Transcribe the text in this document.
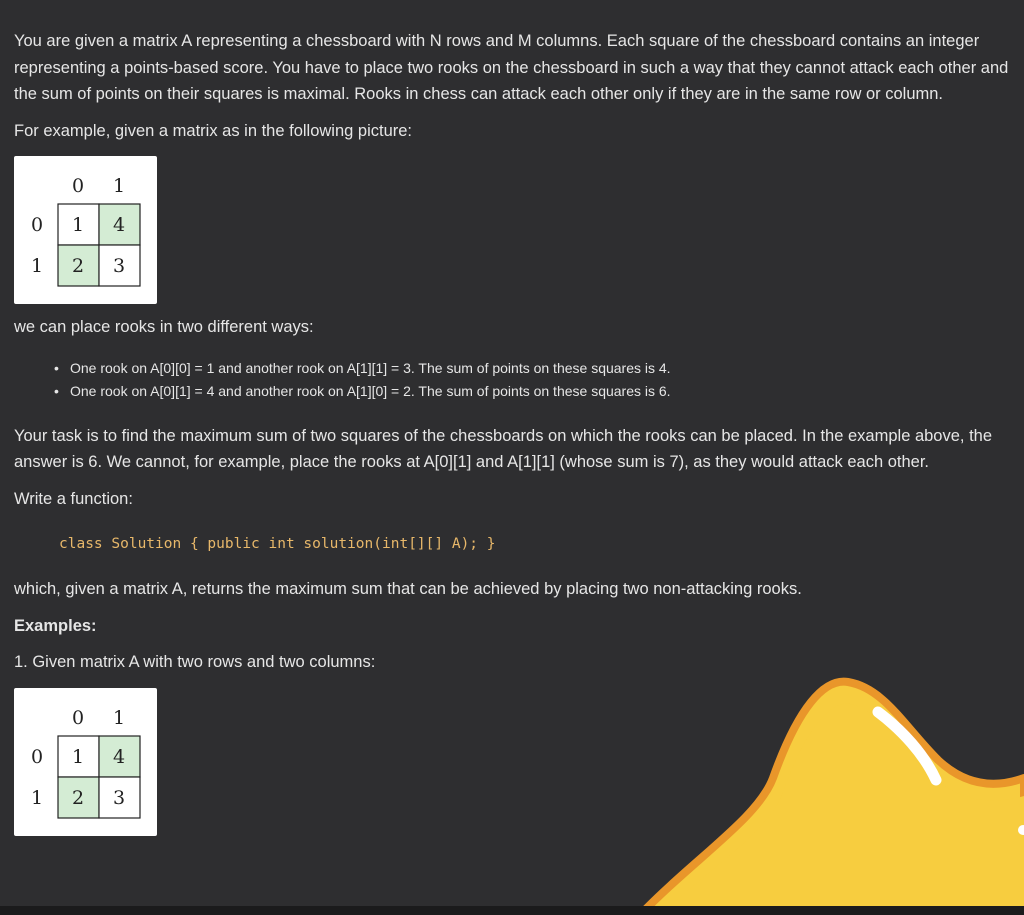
You are given a matrix A representing a chessboard with N rows and M columns. Each square of the chessboard contains an integer representing a points-based score. You have to place two rooks on the chessboard in such a way that they cannot attack each other and the sum of points on their squares is maximal. Rooks in chess can attack each other only if they are in the same row or column.

For example, given a matrix as in the following picture:

0 1
0
1
1 4
2 3

we can place rooks in two different ways:

• One rook on A[0][0] = 1 and another rook on A[1][1] = 3. The sum of points on these squares is 4.
• One rook on A[0][1] = 4 and another rook on A[1][0] = 2. The sum of points on these squares is 6.

Your task is to find the maximum sum of two squares of the chessboards on which the rooks can be placed. In the example above, the answer is 6. We cannot, for example, place the rooks at A[0][1] and A[1][1] (whose sum is 7), as they would attack each other.

Write a function:

class Solution { public int solution(int[][] A); }

which, given a matrix A, returns the maximum sum that can be achieved by placing two non-attacking rooks.

Examples:

1. Given matrix A with two rows and two columns:

0 1
0
1
1 4
2 3
